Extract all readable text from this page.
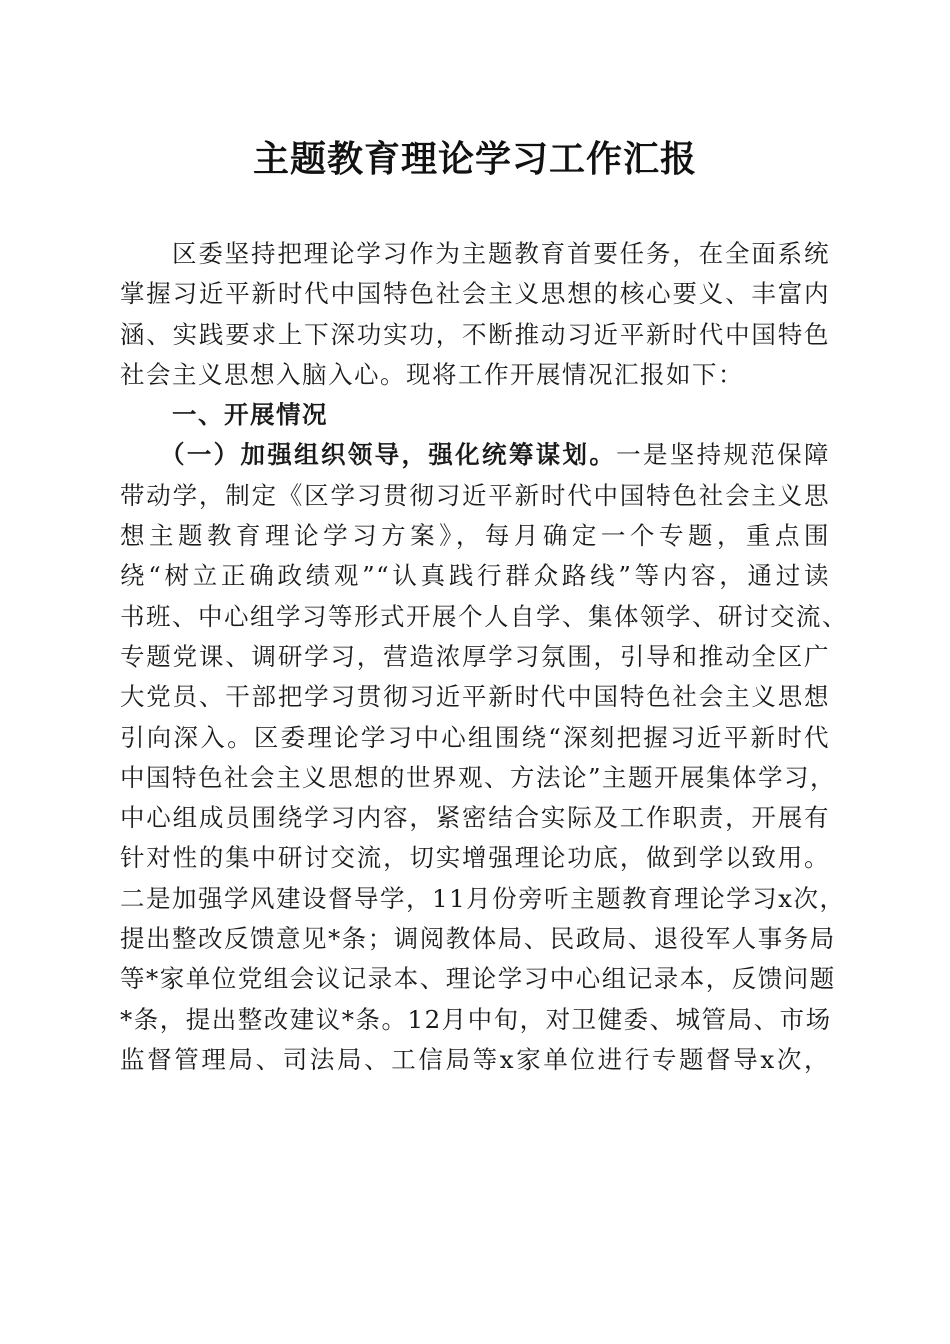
主题教育理论学习工作汇报
区委坚持把理论学习作为主题教育首要任务，在全面系统
掌握习近平新时代中国特色社会主义思想的核心要义、丰富内
涵、实践要求上下深功实功，不断推动习近平新时代中国特色
社会主义思想入脑入心。现将工作开展情况汇报如下：
一、开展情况
（一）加强组织领导，强化统筹谋划。一是坚持规范保障
带动学，制定《区学习贯彻习近平新时代中国特色社会主义思
想主题教育理论学习方案》，每月确定一个专题，重点围
绕“树立正确政绩观”“认真践行群众路线”等内容，通过读
书班、中心组学习等形式开展个人自学、集体领学、研讨交流、
专题党课、调研学习，营造浓厚学习氛围，引导和推动全区广
大党员、干部把学习贯彻习近平新时代中国特色社会主义思想
引向深入。区委理论学习中心组围绕“深刻把握习近平新时代
中国特色社会主义思想的世界观、方法论”主题开展集体学习，
中心组成员围绕学习内容，紧密结合实际及工作职责，开展有
针对性的集中研讨交流，切实增强理论功底，做到学以致用。
二是加强学风建设督导学，11月份旁听主题教育理论学习x次，
提出整改反馈意见*条；调阅教体局、民政局、退役军人事务局
等*家单位党组会议记录本、理论学习中心组记录本，反馈问题
*条，提出整改建议*条。12月中旬，对卫健委、城管局、市场
监督管理局、司法局、工信局等x家单位进行专题督导x次，
